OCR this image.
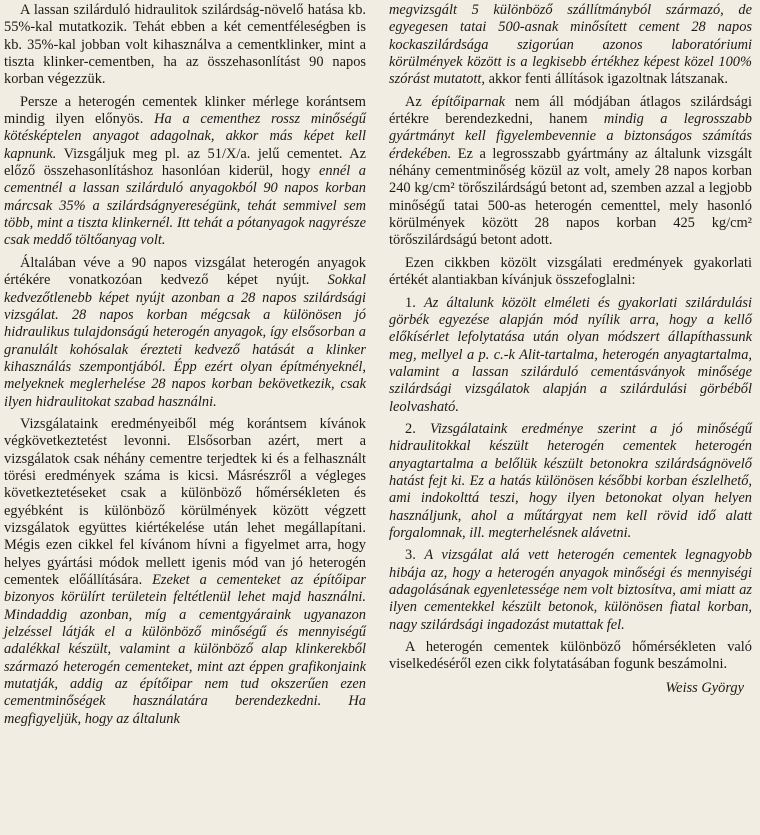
A lassan szilárduló hidraulitok szilárdság-növelő hatása kb. 55%-kal mutatkozik. Tehát ebben a két cementféleségben is kb. 35%-kal jobban volt kihasználva a cementklinker, mint a tiszta klinker-cementben, ha az összehasonlítást 90 napos korban végezzük.

Persze a heterogén cementek klinker mérlege korántsem mindig ilyen előnyös. Ha a cementhez rossz minőségű kötésképtelen anyagot adagolnak, akkor más képet kell kapnunk. Vizsgáljuk meg pl. az 51/X/a. jelű cementet. Az előző összehasonlításhoz hasonlóan kiderül, hogy ennél a cementnél a lassan szilárduló anyagokból 90 napos korban márcsak 35% a szilárdságnyereségünk, tehát semmivel sem több, mint a tiszta klinkernél. Itt tehát a pótanyagok nagyrésze csak meddő töltőanyag volt.

Általában véve a 90 napos vizsgálat heterogén anyagok értékére vonatkozóan kedvező képet nyújt. Sokkal kedvezőtlenebb képet nyújt azonban a 28 napos szilárdsági vizsgálat. 28 napos korban mégcsak a különösen jó hidraulikus tulajdonságú heterogén anyagok, így elsősorban a granulált kohósalak érezteti kedvező hatását a klinker kihasználás szempontjából. Épp ezért olyan építményeknél, melyeknek meglerhelése 28 napos korban bekövetkezik, csak ilyen hidraulitokat szabad használni.

Vizsgálataink eredményeiből még korántsem kívánok végkövetkeztetést levonni. Elsősorban azért, mert a vizsgálatok csak néhány cementre terjedtek ki és a felhasznált törési eredmények száma is kicsi. Másrészről a végleges következtetéseket csak a különböző hőmérsékleten és egyébként is különböző körülmények között végzett vizsgálatok együttes kiértékelése után lehet megállapítani. Mégis ezen cikkel fel kívánom hívni a figyelmet arra, hogy helyes gyártási módok mellett igenis mód van jó heterogén cementek előállítására. Ezeket a cementeket az építőipar bizonyos körülírt területein feltétlenül lehet majd használni. Mindaddig azonban, míg a cementgyáraink ugyanazon jelzéssel látják el a különböző minőségű és mennyiségű adalékkal készült, valamint a különböző alap klinkerekből származó heterogén cementeket, mint azt éppen grafikonjaink mutatják, addig az építőipar nem tud okszerűen ezen cementminőségek használatára berendezkedni. Ha megfigyeljük, hogy az általunk

megvizsgált 5 különböző szállítmányból származó, de egyegesen tatai 500-asnak minősített cement 28 napos kockaszilárdsága szigorúan azonos laboratóriumi körülmények között is a legkisebb értékhez képest közel 100% szórást mutatott, akkor fenti állítások igazoltnak látszanak.

Az építőiparnak nem áll módjában átlagos szilárdsági értékre berendezkedni, hanem mindig a legrosszabb gyártmányt kell figyelembevennie a biztonságos számítás érdekében. Ez a legrosszabb gyártmány az általunk vizsgált néhány cementminőség közül az volt, amely 28 napos korban 240 kg/cm² törőszilárdságú betont ad, szemben azzal a legjobb minőségű tatai 500-as heterogén cementtel, mely hasonló körülmények között 28 napos korban 425 kg/cm² törőszilárdságú betont adott.

Ezen cikkben közölt vizsgálati eredmények gyakorlati értékét alantiakban kívánjuk összefoglalni:

1. Az általunk közölt elméleti és gyakorlati szilárdulási görbék egyezése alapján mód nyílik arra, hogy a kellő előkísérlet lefolytatása után olyan módszert állapíthassunk meg, mellyel a p. c.-k Alit-tartalma, heterogén anyagtartalma, valamint a lassan szilárduló cementásványok minősége szilárdsági vizsgálatok alapján a szilárdulási görbéből leolvasható.

2. Vizsgálataink eredménye szerint a jó minőségű hidraulitokkal készült heterogén cementek heterogén anyagtartalma a belőlük készült betonokra szilárdságnövelő hatást fejt ki. Ez a hatás különösen későbbi korban észlelhető, ami indokolttá teszi, hogy ilyen betonokat olyan helyen használjunk, ahol a műtárgyat nem kell rövid idő alatt forgalomnak, ill. megterhelésnek alávetni.

3. A vizsgálat alá vett heterogén cementek legnagyobb hibája az, hogy a heterogén anyagok minőségi és mennyiségi adagolásának egyenletessége nem volt biztosítva, ami miatt az ilyen cementekkel készült betonok, különösen fiatal korban, nagy szilárdsági ingadozást mutattak fel.

A heterogén cementek különböző hőmérsékleten való viselkedéséről ezen cikk folytatásában fogunk beszámolni.

Weiss György
